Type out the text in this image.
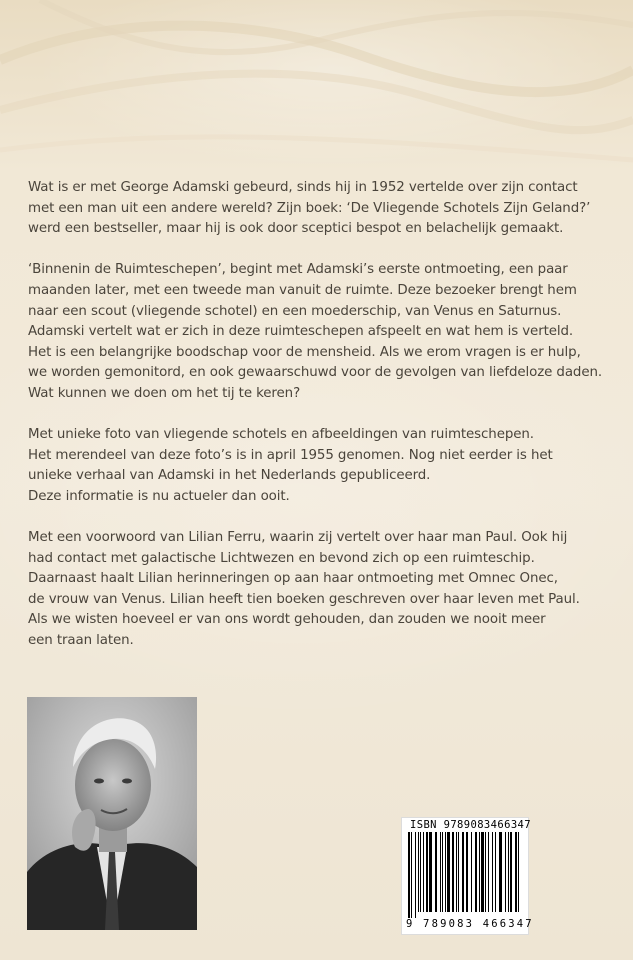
Wat is er met George Adamski gebeurd, sinds hij in 1952 vertelde over zijn contact
met een man uit een andere wereld? Zijn boek: ‘De Vliegende Schotels Zijn Geland?’
werd een bestseller, maar hij is ook door sceptici bespot en belachelijk gemaakt.

‘Binnenin de Ruimteschepen’, begint met Adamski’s eerste ontmoeting, een paar
maanden later, met een tweede man vanuit de ruimte. Deze bezoeker brengt hem
naar een scout (vliegende schotel) en een moederschip, van Venus en Saturnus.
Adamski vertelt wat er zich in deze ruimteschepen afspeelt en wat hem is verteld.
Het is een belangrijke boodschap voor de mensheid. Als we erom vragen is er hulp,
we worden gemonitord, en ook gewaarschuwd voor de gevolgen van liefdeloze daden.
Wat kunnen we doen om het tij te keren?

Met unieke foto van vliegende schotels en afbeeldingen van ruimteschepen.
Het merendeel van deze foto’s is in april 1955 genomen. Nog niet eerder is het
unieke verhaal van Adamski in het Nederlands gepubliceerd.
Deze informatie is nu actueler dan ooit.

Met een voorwoord van Lilian Ferru, waarin zij vertelt over haar man Paul. Ook hij
had contact met galactische Lichtwezen en bevond zich op een ruimteschip.
Daarnaast haalt Lilian herinneringen op aan haar ontmoeting met Omnec Onec,
de vrouw van Venus. Lilian heeft tien boeken geschreven over haar leven met Paul.
Als we wisten hoeveel er van ons wordt gehouden, dan zouden we nooit meer
een traan laten.

ISBN 9789083466347
9 789083 466347
